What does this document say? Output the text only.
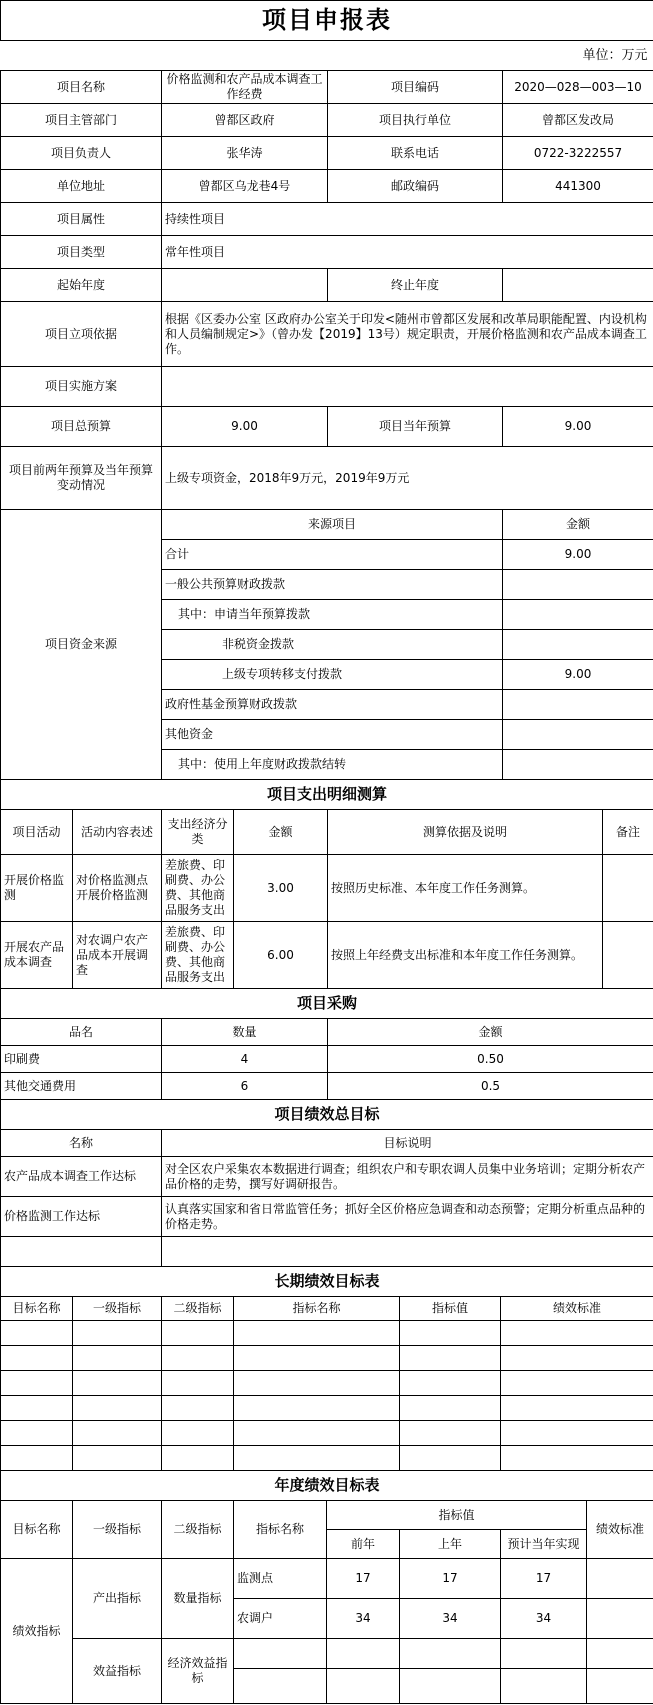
项目申报表			
单位：万元			
项目名称	价格监测和农产品成本调查工作经费	项目编码	2020—028—003—10
项目主管部门	曾都区政府	项目执行单位	曾都区发改局
项目负责人	张华涛	联系电话	0722-3222557
单位地址	曾都区乌龙巷4号	邮政编码	441300
项目属性	持续性项目		
项目类型	常年性项目		
起始年度		终止年度	
项目立项依据	根据《区委办公室 区政府办公室关于印发<随州市曾都区发展和改革局职能配置、内设机构和人员编制规定>》（曾办发【2019】13号）规定职责，开展价格监测和农产品成本调查工作。		
项目实施方案			
项目总预算	9.00	项目当年预算	9.00
项目前两年预算及当年预算变动情况	上级专项资金，2018年9万元，2019年9万元		
项目资金来源	来源项目		金额
	合计		9.00
	一般公共预算财政拨款		
	其中：申请当年预算拨款		
	非税资金拨款		
	上级专项转移支付拨款		9.00
	政府性基金预算财政拨款		
	其他资金		
	其中：使用上年度财政拨款结转		
项目支出明细测算					
项目活动	活动内容表述	支出经济分类	金额	测算依据及说明	备注
开展价格监测	对价格监测点开展价格监测	差旅费、印刷费、办公费、其他商品服务支出	3.00	按照历史标准、本年度工作任务测算。	
开展农产品成本调查	对农调户农产品成本开展调查	差旅费、印刷费、办公费、其他商品服务支出	6.00	按照上年经费支出标准和本年度工作任务测算。	
项目采购		
品名	数量	金额
印刷费	4	0.50
其他交通费用	6	0.5
项目绩效总目标	
名称	目标说明
农产品成本调查工作达标	对全区农户采集农本数据进行调查；组织农户和专职农调人员集中业务培训；定期分析农产品价格的走势，撰写好调研报告。
价格监测工作达标	认真落实国家和省日常监管任务；抓好全区价格应急调查和动态预警；定期分析重点品种的价格走势。

长期绩效目标表					
目标名称	一级指标	二级指标	指标名称	指标值	绩效标准

年度绩效目标表							
目标名称	一级指标	二级指标	指标名称	指标值			绩效标准
				前年	上年	预计当年实现	
绩效指标	产出指标	数量指标	监测点	17	17	17	
			农调户	34	34	34	
	效益指标	经济效益指标					
